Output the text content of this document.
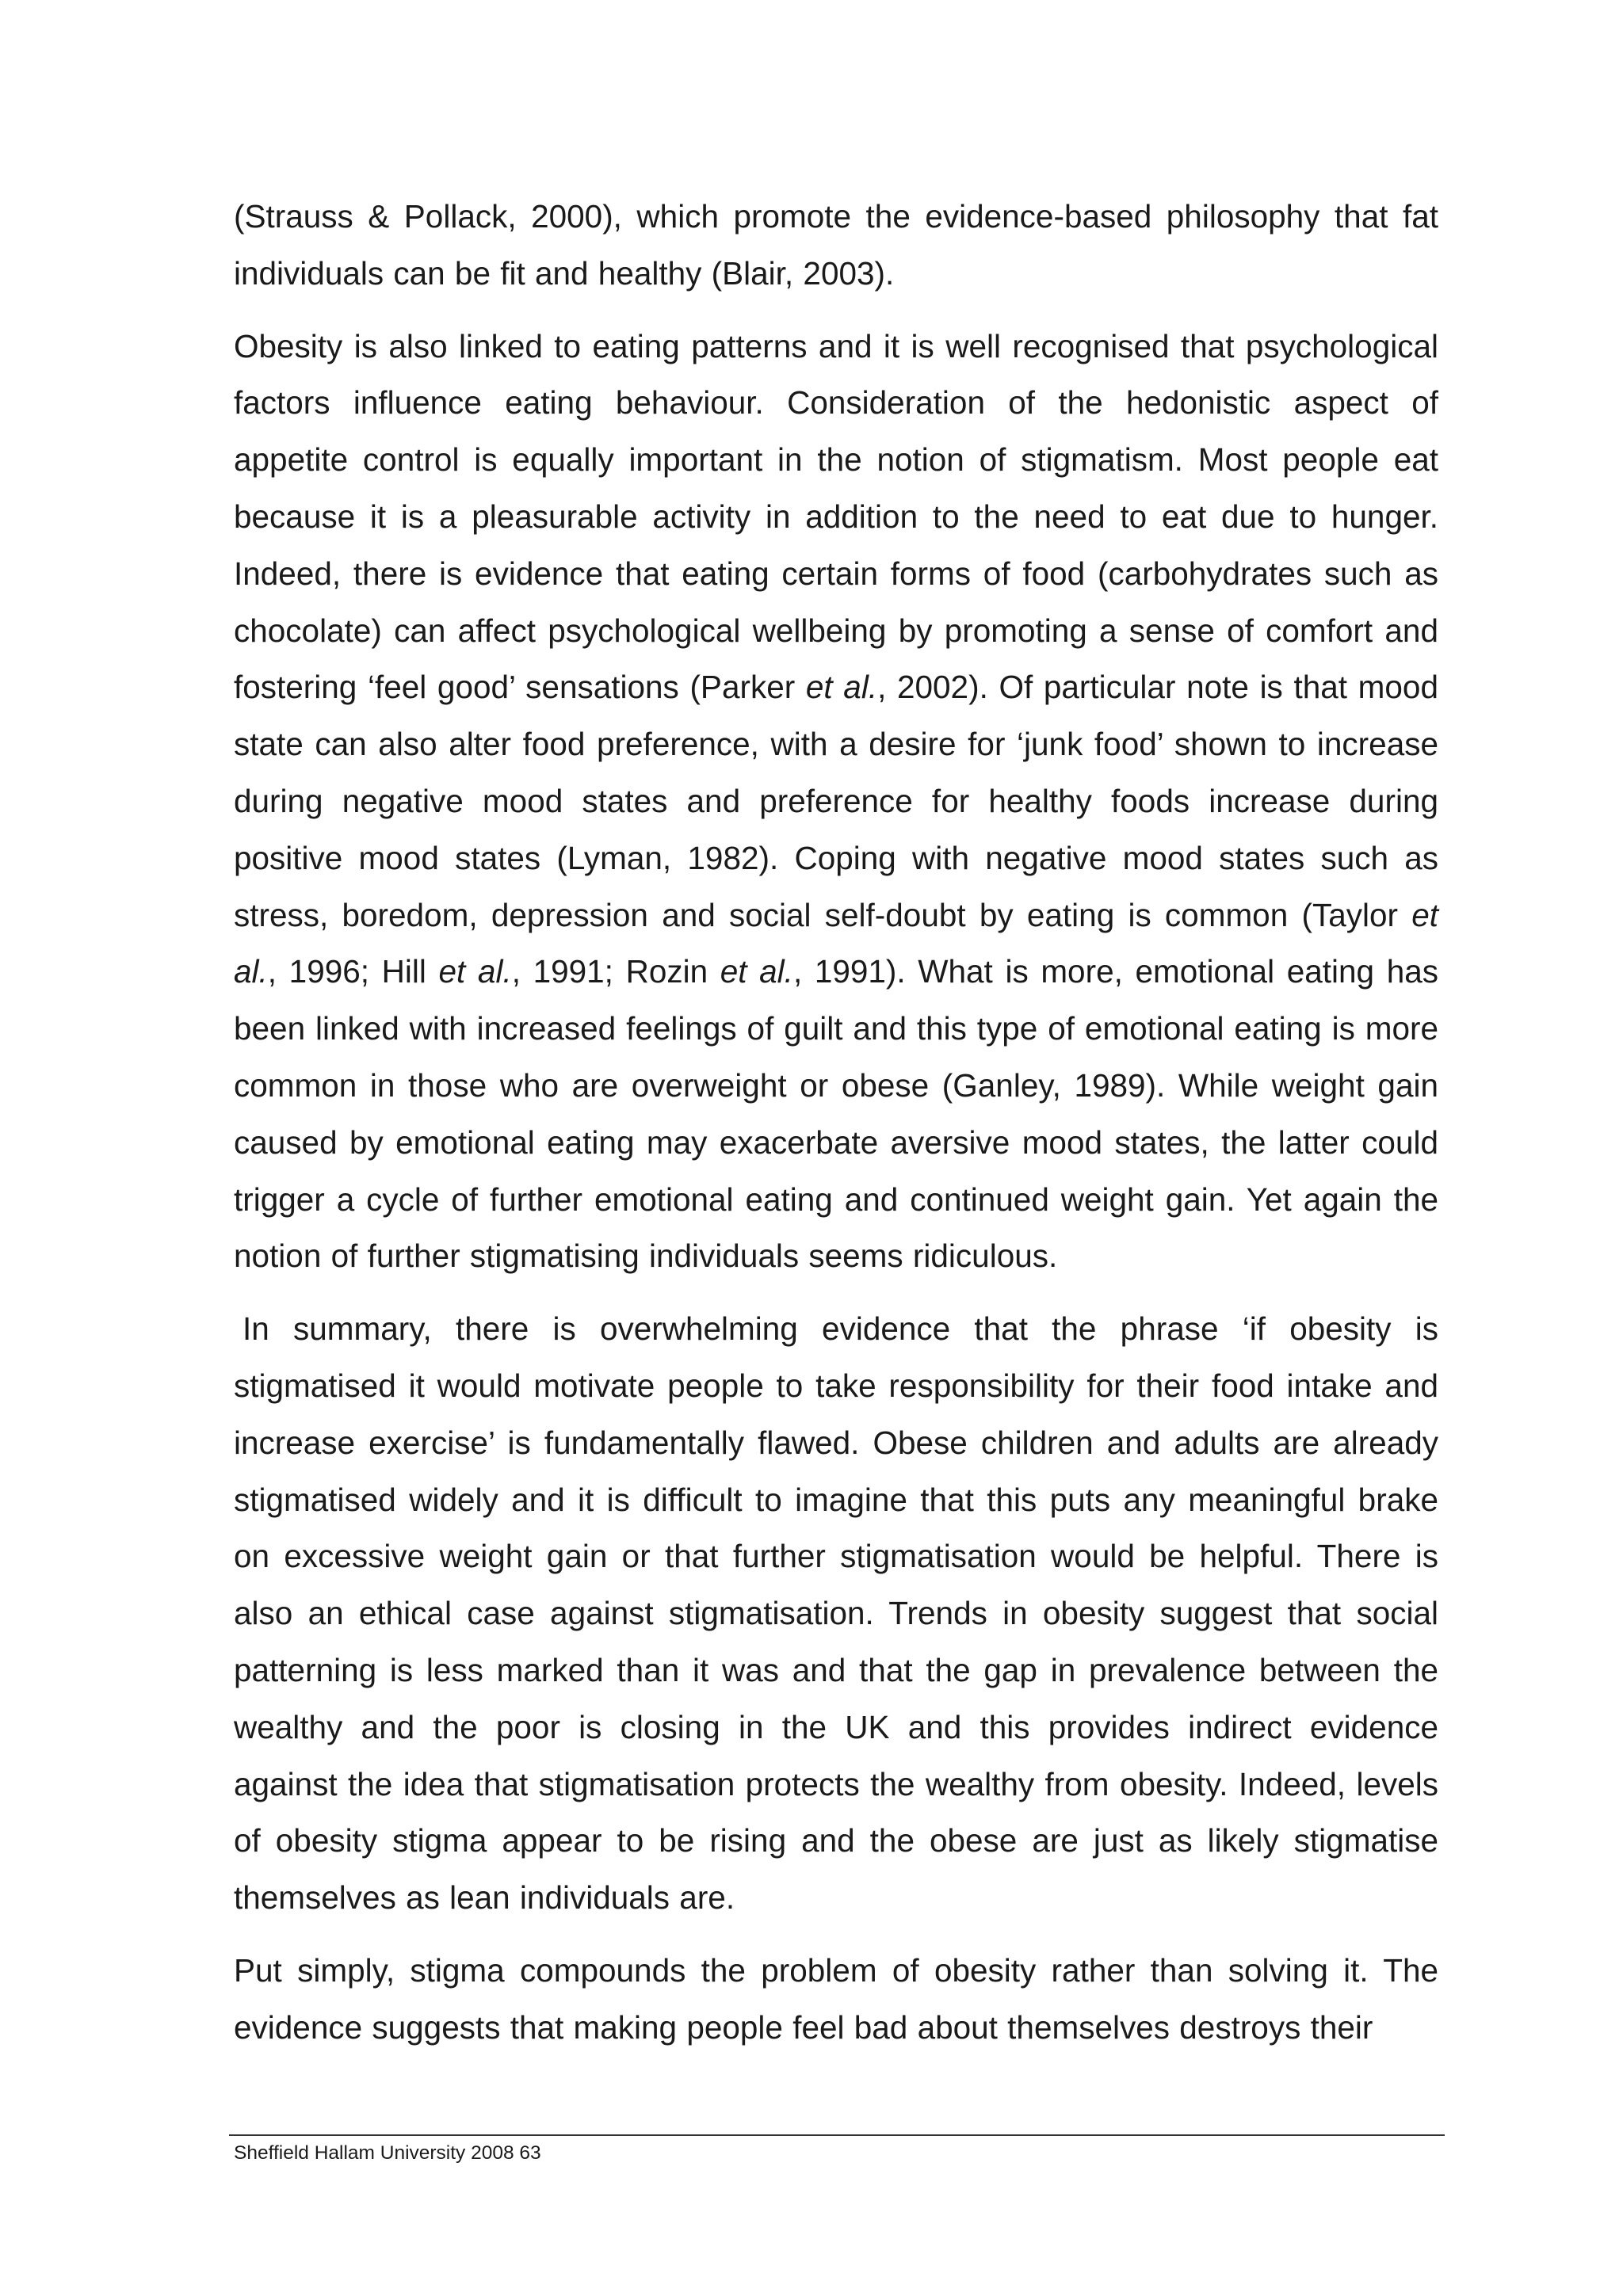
(Strauss & Pollack, 2000), which promote the evidence-based philosophy that fat individuals can be fit and healthy (Blair, 2003).

Obesity is also linked to eating patterns and it is well recognised that psychological factors influence eating behaviour. Consideration of the hedonistic aspect of appetite control is equally important in the notion of stigmatism. Most people eat because it is a pleasurable activity in addition to the need to eat due to hunger. Indeed, there is evidence that eating certain forms of food (carbohydrates such as chocolate) can affect psychological wellbeing by promoting a sense of comfort and fostering ‘feel good’ sensations (Parker et al., 2002). Of particular note is that mood state can also alter food preference, with a desire for ‘junk food’ shown to increase during negative mood states and preference for healthy foods increase during positive mood states (Lyman, 1982). Coping with negative mood states such as stress, boredom, depression and social self-doubt by eating is common (Taylor et al., 1996; Hill et al., 1991; Rozin et al., 1991). What is more, emotional eating has been linked with increased feelings of guilt and this type of emotional eating is more common in those who are overweight or obese (Ganley, 1989). While weight gain caused by emotional eating may exacerbate aversive mood states, the latter could trigger a cycle of further emotional eating and continued weight gain. Yet again the notion of further stigmatising individuals seems ridiculous.

In summary, there is overwhelming evidence that the phrase ‘if obesity is stigmatised it would motivate people to take responsibility for their food intake and increase exercise’ is fundamentally flawed. Obese children and adults are already stigmatised widely and it is difficult to imagine that this puts any meaningful brake on excessive weight gain or that further stigmatisation would be helpful. There is also an ethical case against stigmatisation. Trends in obesity suggest that social patterning is less marked than it was and that the gap in prevalence between the wealthy and the poor is closing in the UK and this provides indirect evidence against the idea that stigmatisation protects the wealthy from obesity. Indeed, levels of obesity stigma appear to be rising and the obese are just as likely stigmatise themselves as lean individuals are.

Put simply, stigma compounds the problem of obesity rather than solving it. The evidence suggests that making people feel bad about themselves destroys their

Sheffield Hallam University 2008 63
